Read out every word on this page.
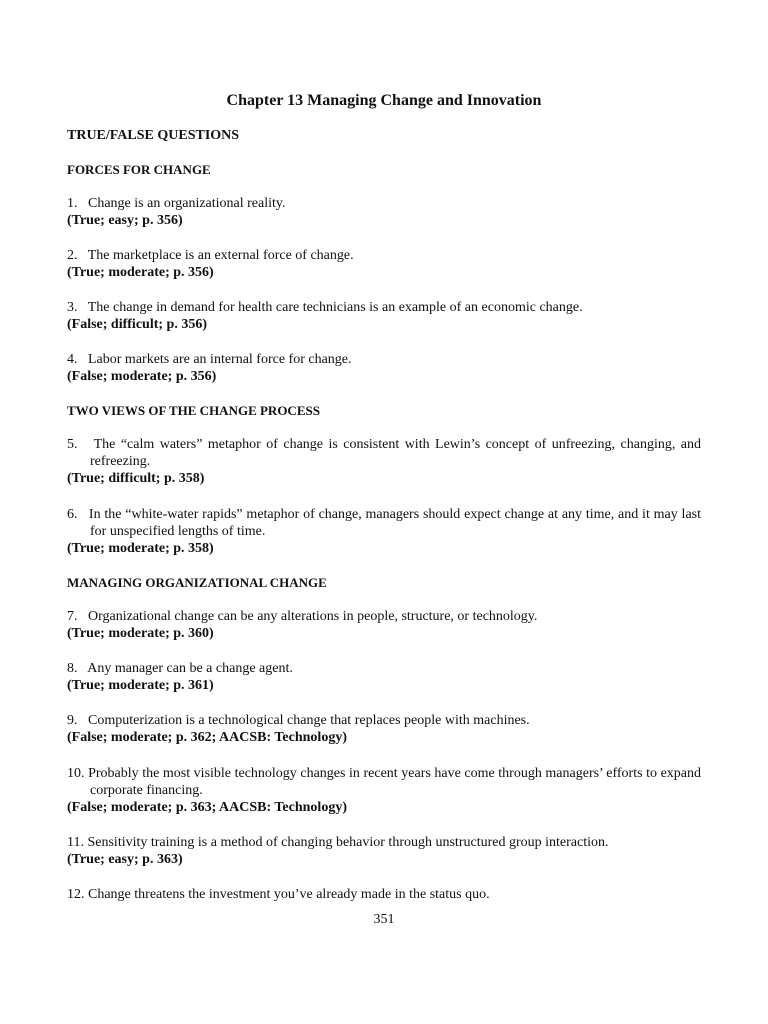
Chapter 13 Managing Change and Innovation
TRUE/FALSE QUESTIONS
FORCES FOR CHANGE
1.   Change is an organizational reality.
(True; easy; p. 356)
2.   The marketplace is an external force of change.
(True; moderate; p. 356)
3.   The change in demand for health care technicians is an example of an economic change.
(False; difficult; p. 356)
4.   Labor markets are an internal force for change.
(False; moderate; p. 356)
TWO VIEWS OF THE CHANGE PROCESS
5.   The “calm waters” metaphor of change is consistent with Lewin’s concept of unfreezing, changing, and refreezing.
(True; difficult; p. 358)
6.   In the “white-water rapids” metaphor of change, managers should expect change at any time, and it may last for unspecified lengths of time.
(True; moderate; p. 358)
MANAGING ORGANIZATIONAL CHANGE
7.   Organizational change can be any alterations in people, structure, or technology.
(True; moderate; p. 360)
8.   Any manager can be a change agent.
(True; moderate; p. 361)
9.   Computerization is a technological change that replaces people with machines.
(False; moderate; p. 362; AACSB: Technology)
10. Probably the most visible technology changes in recent years have come through managers’ efforts to expand corporate financing.
(False; moderate; p. 363; AACSB: Technology)
11. Sensitivity training is a method of changing behavior through unstructured group interaction.
(True; easy; p. 363)
12. Change threatens the investment you’ve already made in the status quo.
351
